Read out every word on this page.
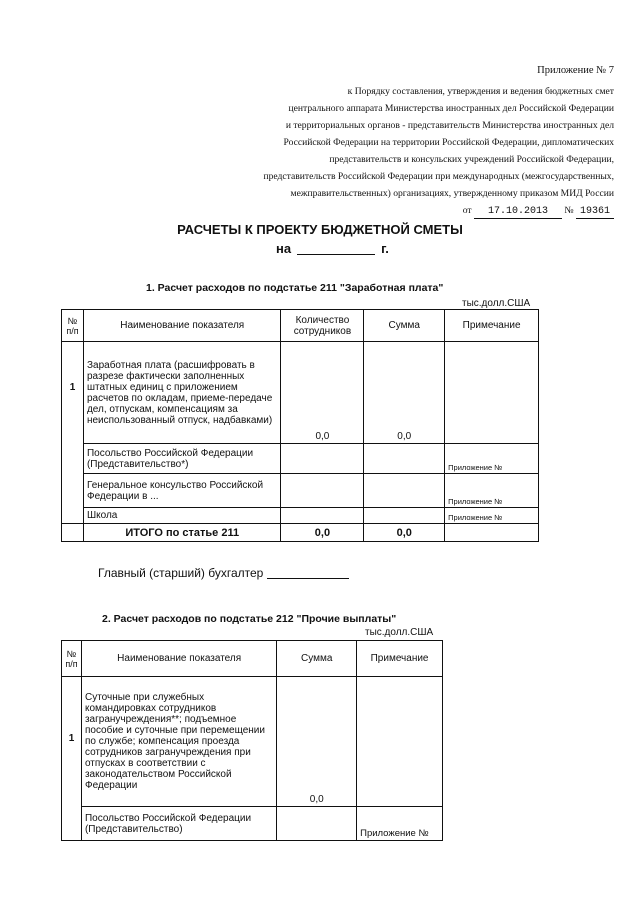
Приложение № 7
к Порядку составления, утверждения и ведения бюджетных смет
центрального аппарата Министерства иностранных дел Российской Федерации
и территориальных органов - представительств Министерства иностранных дел
Российской Федерации на территории Российской Федерации, дипломатических
представительств и консульских учреждений Российской Федерации,
представительств Российской Федерации при международных (межгосударственных,
межправительственных) организациях, утвержденному приказом МИД России
от 17.10.2013 № 19361
РАСЧЕТЫ К ПРОЕКТУ БЮДЖЕТНОЙ СМЕТЫ
на	г.
1. Расчет расходов по подстатье 211 "Заработная плата"
тыс.долл.США
№ п/п	Наименование показателя	Количество сотрудников	Сумма	Примечание
1	Заработная плата (расшифровать в разрезе фактически заполненных штатных единиц с приложением расчетов по окладам, приеме-передаче дел, отпускам, компенсациям за неиспользованный отпуск, надбавками)	0,0	0,0	
	Посольство Российской Федерации (Представительство*)			Приложение №
	Генеральное консульство Российской Федерации в ...			Приложение №
	Школа			Приложение №
	ИТОГО по статье 211	0,0	0,0	
Главный (старший) бухгалтер
2. Расчет расходов по подстатье 212 "Прочие выплаты"
тыс.долл.США
№ п/п	Наименование показателя	Сумма	Примечание
1	Суточные при служебных командировках сотрудников загранучреждения**; подъемное пособие и суточные при перемещении по службе; компенсация проезда сотрудников загранучреждения при отпусках в соответствии с законодательством Российской Федерации	0,0	
	Посольство Российской Федерации (Представительство)		Приложение №
